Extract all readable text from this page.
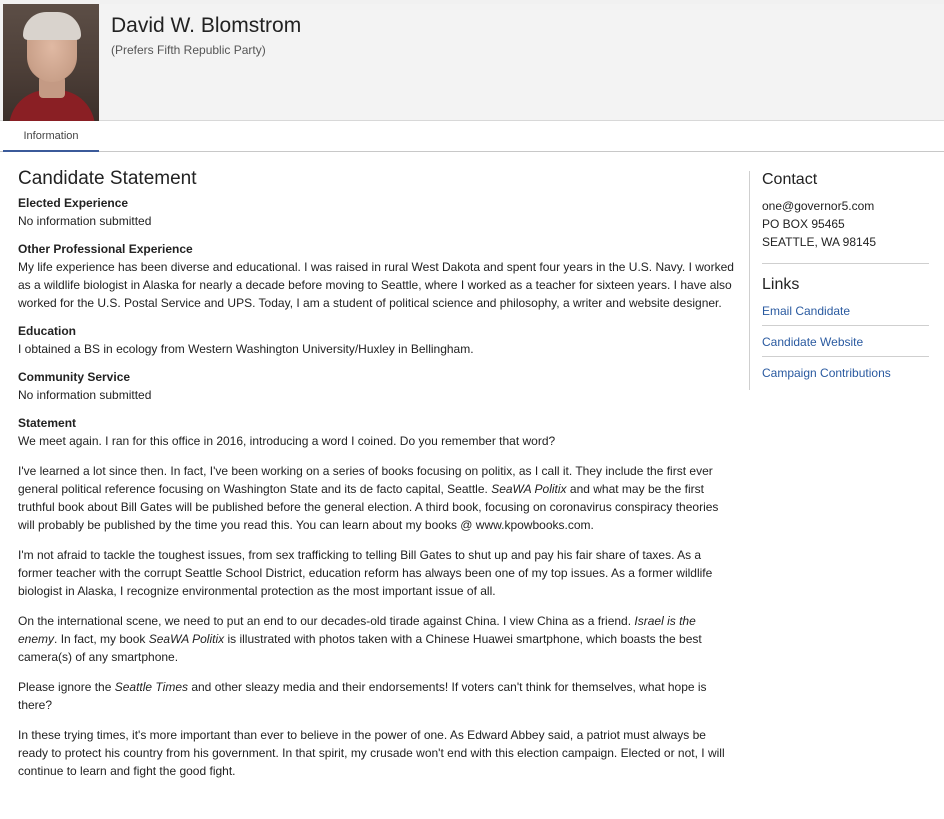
David W. Blomstrom
(Prefers Fifth Republic Party)
Information
Candidate Statement
Elected Experience

No information submitted

Other Professional Experience

My life experience has been diverse and educational. I was raised in rural West Dakota and spent four years in the U.S. Navy. I worked as a wildlife biologist in Alaska for nearly a decade before moving to Seattle, where I worked as a teacher for sixteen years. I have also worked for the U.S. Postal Service and UPS. Today, I am a student of political science and philosophy, a writer and website designer.

Education

I obtained a BS in ecology from Western Washington University/Huxley in Bellingham.

Community Service

No information submitted

Statement

We meet again. I ran for this office in 2016, introducing a word I coined. Do you remember that word?

I've learned a lot since then. In fact, I've been working on a series of books focusing on politix, as I call it. They include the first ever general political reference focusing on Washington State and its de facto capital, Seattle. SeaWA Politix and what may be the first truthful book about Bill Gates will be published before the general election. A third book, focusing on coronavirus conspiracy theories will probably be published by the time you read this. You can learn about my books @ www.kpowbooks.com.

I'm not afraid to tackle the toughest issues, from sex trafficking to telling Bill Gates to shut up and pay his fair share of taxes. As a former teacher with the corrupt Seattle School District, education reform has always been one of my top issues. As a former wildlife biologist in Alaska, I recognize environmental protection as the most important issue of all.

On the international scene, we need to put an end to our decades-old tirade against China. I view China as a friend. Israel is the enemy. In fact, my book SeaWA Politix is illustrated with photos taken with a Chinese Huawei smartphone, which boasts the best camera(s) of any smartphone.

Please ignore the Seattle Times and other sleazy media and their endorsements! If voters can't think for themselves, what hope is there?

In these trying times, it's more important than ever to believe in the power of one. As Edward Abbey said, a patriot must always be ready to protect his country from his government. In that spirit, my crusade won't end with this election campaign. Elected or not, I will continue to learn and fight the good fight.

Contact
one@governor5.com
PO BOX 95465
SEATTLE, WA 98145
Links
Email Candidate
Candidate Website
Campaign Contributions
